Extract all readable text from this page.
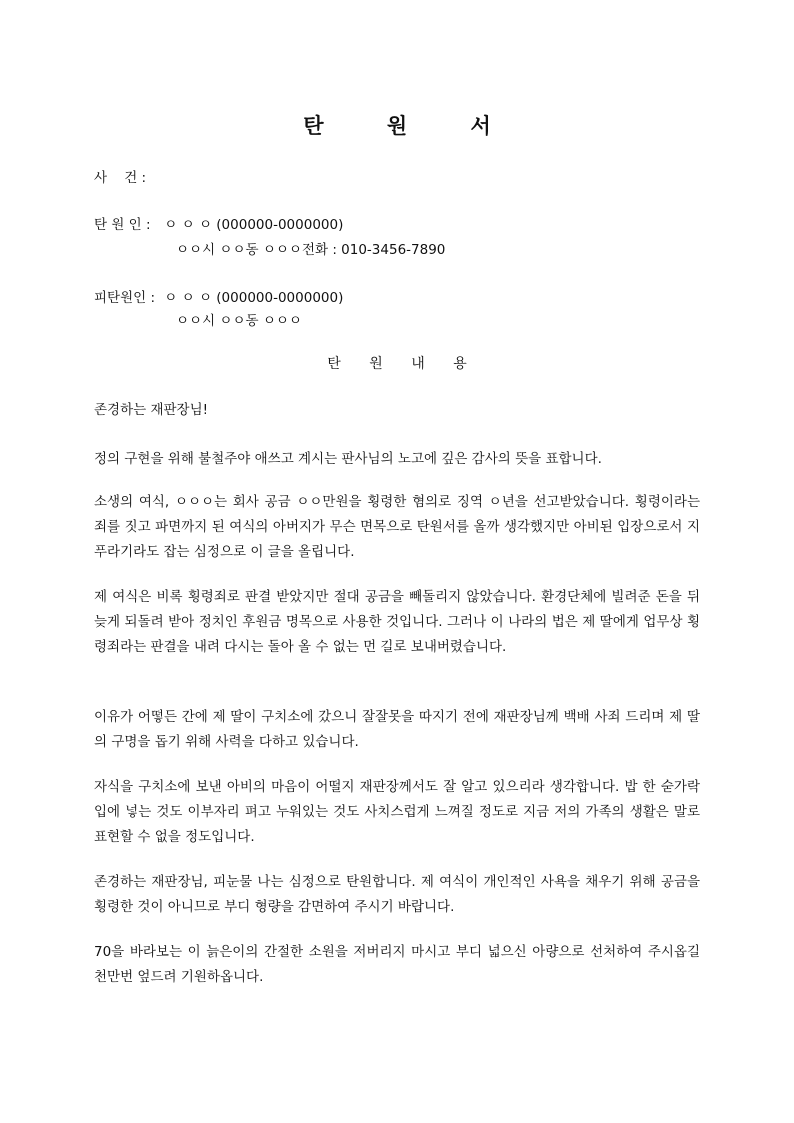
탄 원 서
사    건 :
탄 원 인 : ㅇ ㅇ ㅇ (000000-0000000)
ㅇㅇ시 ㅇㅇ동 ㅇㅇㅇ전화 : 010-3456-7890
피탄원인 : ㅇ ㅇ ㅇ (000000-0000000)
ㅇㅇ시 ㅇㅇ동 ㅇㅇㅇ
탄 원 내 용

존경하는 재판장님!

정의 구현을 위해 불철주야 애쓰고 계시는 판사님의 노고에 깊은 감사의 뜻을 표합니다.

소생의 여식, ㅇㅇㅇ는 회사 공금 ㅇㅇ만원을 횡령한 혐의로 징역 ㅇ년을 선고받았습니다. 횡령이라는 죄를 짓고 파면까지 된 여식의 아버지가 무슨 면목으로 탄원서를 올까 생각했지만 아비된 입장으로서 지푸라기라도 잡는 심정으로 이 글을 올립니다.

제 여식은 비록 횡령죄로 판결 받았지만 절대 공금을 빼돌리지 않았습니다. 환경단체에 빌려준 돈을 뒤늦게 되돌려 받아 정치인 후원금 명목으로 사용한 것입니다. 그러나 이 나라의 법은 제 딸에게 업무상 횡령죄라는 판결을 내려 다시는 돌아 올 수 없는 먼 길로 보내버렸습니다.

이유가 어떻든 간에 제 딸이 구치소에 갔으니 잘잘못을 따지기 전에 재판장님께 백배 사죄 드리며 제 딸의 구명을 돕기 위해 사력을 다하고 있습니다.

자식을 구치소에 보낸 아비의 마음이 어떨지 재판장께서도 잘 알고 있으리라 생각합니다. 밥 한 숟가락 입에 넣는 것도 이부자리 펴고 누워있는 것도 사치스럽게 느껴질 정도로 지금 저의 가족의 생활은 말로 표현할 수 없을 정도입니다.

존경하는 재판장님, 피눈물 나는 심정으로 탄원합니다. 제 여식이 개인적인 사욕을 채우기 위해 공금을 횡령한 것이 아니므로 부디 형량을 감면하여 주시기 바랍니다.

70을 바라보는 이 늙은이의 간절한 소원을 저버리지 마시고 부디 넓으신 아량으로 선처하여 주시옵길 천만번 엎드려 기원하옵니다.
